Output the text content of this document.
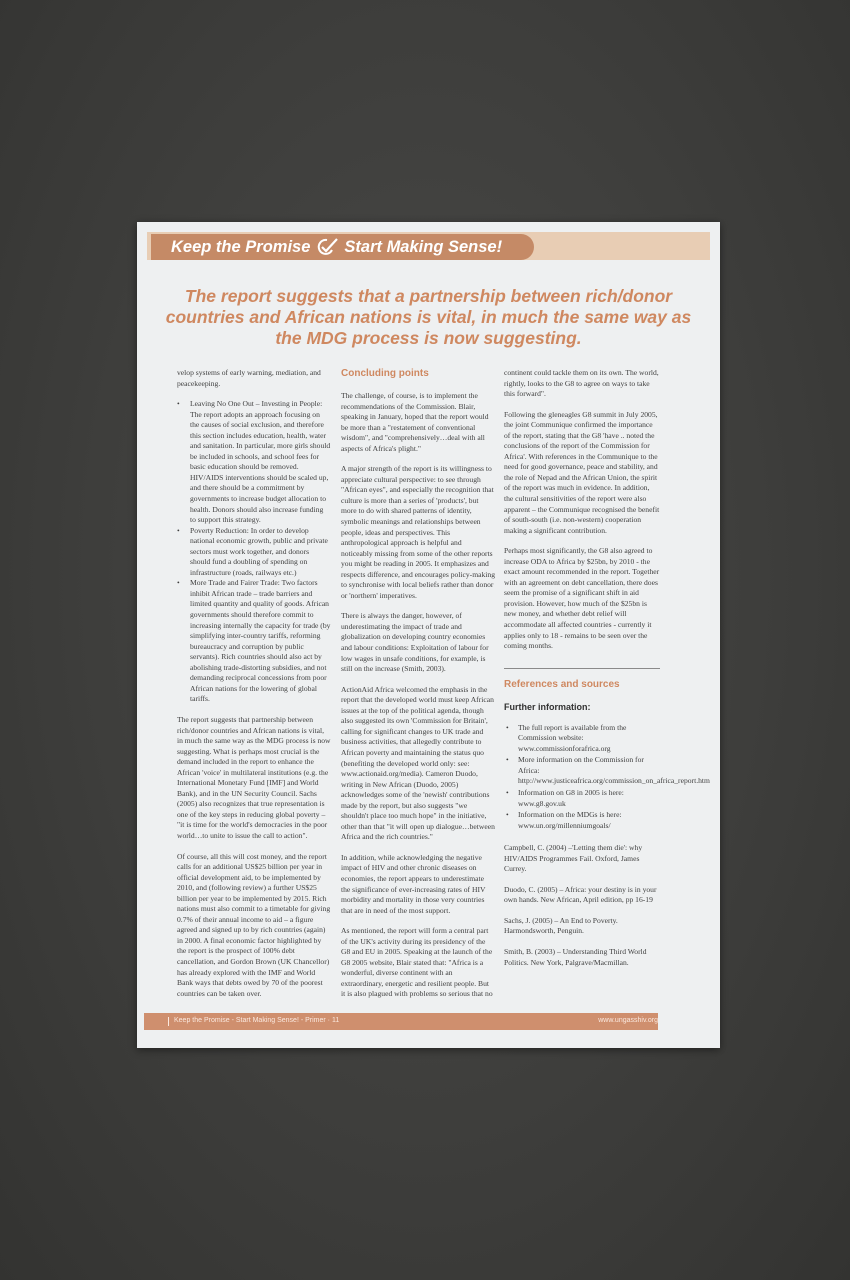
Keep the Promise Start Making Sense!
The report suggests that a partnership between rich/donor countries and African nations is vital, in much the same way as the MDG process is now suggesting.

velop systems of early warning, mediation, and peacekeeping.

• Leaving No One Out – Investing in People: The report adopts an approach focusing on the causes of social exclusion, and therefore this section includes education, health, water and sanitation. In particular, more girls should be included in schools, and school fees for basic education should be removed. HIV/AIDS interventions should be scaled up, and there should be a commitment by governments to increase budget allocation to health. Donors should also increase funding to support this strategy.
• Poverty Reduction: In order to develop national economic growth, public and private sectors must work together, and donors should fund a doubling of spending on infrastructure (roads, railways etc.)
• More Trade and Fairer Trade: Two factors inhibit African trade – trade barriers and limited quantity and quality of goods. African governments should therefore commit to increasing internally the capacity for trade (by simplifying inter-country tariffs, reforming bureaucracy and corruption by public servants). Rich countries should also act by abolishing trade-distorting subsidies, and not demanding reciprocal concessions from poor African nations for the lowering of global tariffs.

The report suggests that partnership between rich/donor countries and African nations is vital, in much the same way as the MDG process is now suggesting. What is perhaps most crucial is the demand included in the report to enhance the African 'voice' in multilateral institutions (e.g. the International Monetary Fund [IMF] and World Bank), and in the UN Security Council. Sachs (2005) also recognizes that true representation is one of the key steps in reducing global poverty – "it is time for the world's democracies in the poor world…to unite to issue the call to action".

Of course, all this will cost money, and the report calls for an additional US$25 billion per year in official development aid, to be implemented by 2010, and (following review) a further US$25 billion per year to be implemented by 2015. Rich nations must also commit to a timetable for giving 0.7% of their annual income to aid – a figure agreed and signed up to by rich countries (again) in 2000. A final economic factor highlighted by the report is the prospect of 100% debt cancellation, and Gordon Brown (UK Chancellor) has already explored with the IMF and World Bank ways that debts owed by 70 of the poorest countries can be taken over.

Concluding points

The challenge, of course, is to implement the recommendations of the Commission. Blair, speaking in January, hoped that the report would be more than a "restatement of conventional wisdom", and "comprehensively…deal with all aspects of Africa's plight."

A major strength of the report is its willingness to appreciate cultural perspective: to see through "African eyes", and especially the recognition that culture is more than a series of 'products', but more to do with shared patterns of identity, symbolic meanings and relationships between people, ideas and perspectives. This anthropological approach is helpful and noticeably missing from some of the other reports you might be reading in 2005. It emphasizes and respects difference, and encourages policy-making to synchronise with local beliefs rather than donor or 'northern' imperatives.

There is always the danger, however, of underestimating the impact of trade and globalization on developing country economies and labour conditions: Exploitation of labour for low wages in unsafe conditions, for example, is still on the increase (Smith, 2003).

ActionAid Africa welcomed the emphasis in the report that the developed world must keep African issues at the top of the political agenda, though also suggested its own 'Commission for Britain', calling for significant changes to UK trade and business activities, that allegedly contribute to African poverty and maintaining the status quo (benefiting the developed world only: see: www.actionaid.org/media). Cameron Duodo, writing in New African (Duodo, 2005) acknowledges some of the 'newish' contributions made by the report, but also suggests "we shouldn't place too much hope" in the initiative, other than that "it will open up dialogue…between Africa and the rich countries."

In addition, while acknowledging the negative impact of HIV and other chronic diseases on economies, the report appears to underestimate the significance of ever-increasing rates of HIV morbidity and mortality in those very countries that are in need of the most support.

As mentioned, the report will form a central part of the UK's activity during its presidency of the G8 and EU in 2005. Speaking at the launch of the G8 2005 website, Blair stated that: "Africa is a wonderful, diverse continent with an extraordinary, energetic and resilient people. But it is also plagued with problems so serious that no

continent could tackle them on its own. The world, rightly, looks to the G8 to agree on ways to take this forward".

Following the gleneagles G8 summit in July 2005, the joint Communique confirmed the importance of the report, stating that the G8 'have .. noted the conclusions of the report of the Commission for Africa'. With references in the Communique to the need for good governance, peace and stability, and the role of Nepad and the African Union, the spirit of the report was much in evidence. In addition, the cultural sensitivities of the report were also apparent – the Communique recognised the benefit of south-south (i.e. non-western) cooperation making a significant contribution.

Perhaps most significantly, the G8 also agreed to increase ODA to Africa by $25bn, by 2010 - the exact amount recommended in the report. Together with an agreement on debt cancellation, there does seem the promise of a significant shift in aid provision. However, how much of the $25bn is new money, and whether debt relief will accommodate all affected countries - currently it applies only to 18 - remains to be seen over the coming months.

References and sources
Further information:
• The full report is available from the Commission website: www.commissionforafrica.org
• More information on the Commission for Africa: http://www.justiceafrica.org/commission_on_africa_report.htm
• Information on G8 in 2005 is here: www.g8.gov.uk
• Information on the MDGs is here: www.un.org/millenniumgoals/

Campbell, C. (2004) –'Letting them die': why HIV/AIDS Programmes Fail. Oxford, James Currey.

Duodo, C. (2005) – Africa: your destiny is in your own hands. New African, April edition, pp 16-19

Sachs, J. (2005) – An End to Poverty. Harmondsworth, Penguin.

Smith, B. (2003) – Understanding Third World Politics. New York, Palgrave/Macmillan.

Keep the Promise - Start Making Sense! - Primer · 11	www.ungasshiv.org
